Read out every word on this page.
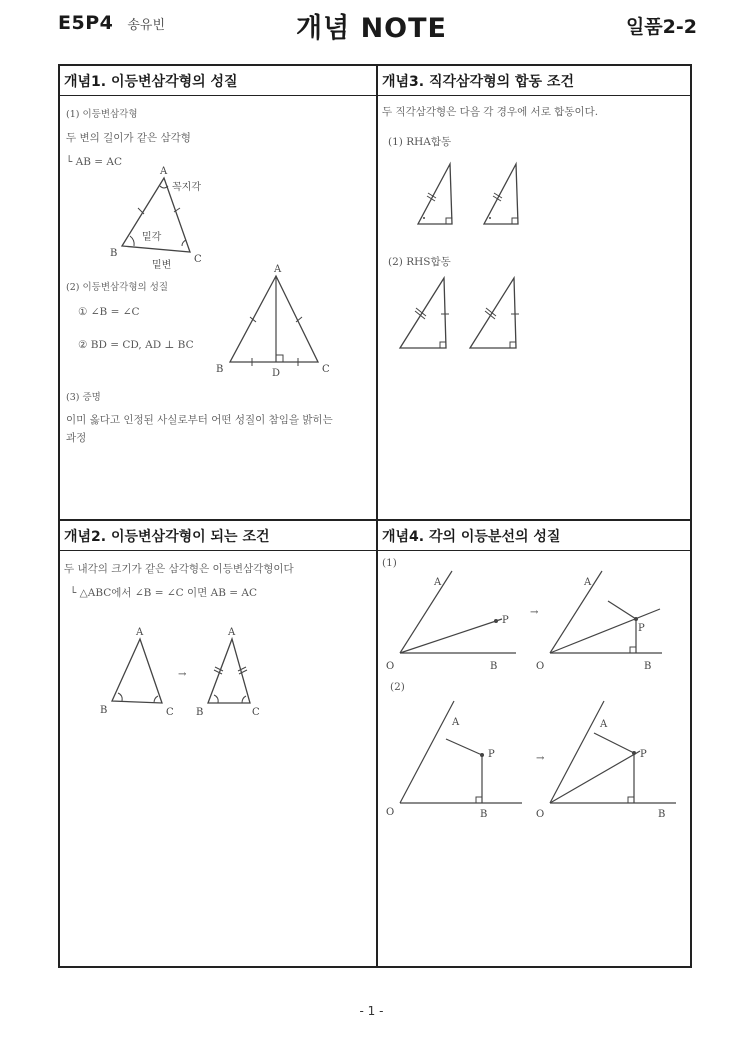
E5P4 송유빈	개념 NOTE	일품2-2
개념1. 이등변삼각형의 성질
(1) 이등변삼각형
두 변의 길이가 같은 삼각형
└ AB = AC
A
B
C
꼭지각
밑각
밑변
(2) 이등변삼각형의 성질
① ∠B = ∠C
② BD = CD, AD ⊥ BC
A
B	D	C
(3) 증명
이미 옳다고 인정된 사실로부터 어떤 성질이 참임을 밝히는
과정
개념3. 직각삼각형의 합동 조건
두 직각삼각형은 다음 각 경우에 서로 합동이다.
(1) RHA합동
(2) RHS합동
개념2. 이등변삼각형이 되는 조건
두 내각의 크기가 같은 삼각형은 이등변삼각형이다
└ △ABC에서 ∠B = ∠C 이면 AB = AC
A
B	C
→
A
B	C
개념4. 각의 이등분선의 성질
(1)
A
O
P
B
→
A
O
P
B
(2)
A
O
P
B
→
A
O
P
B
- 1 -
